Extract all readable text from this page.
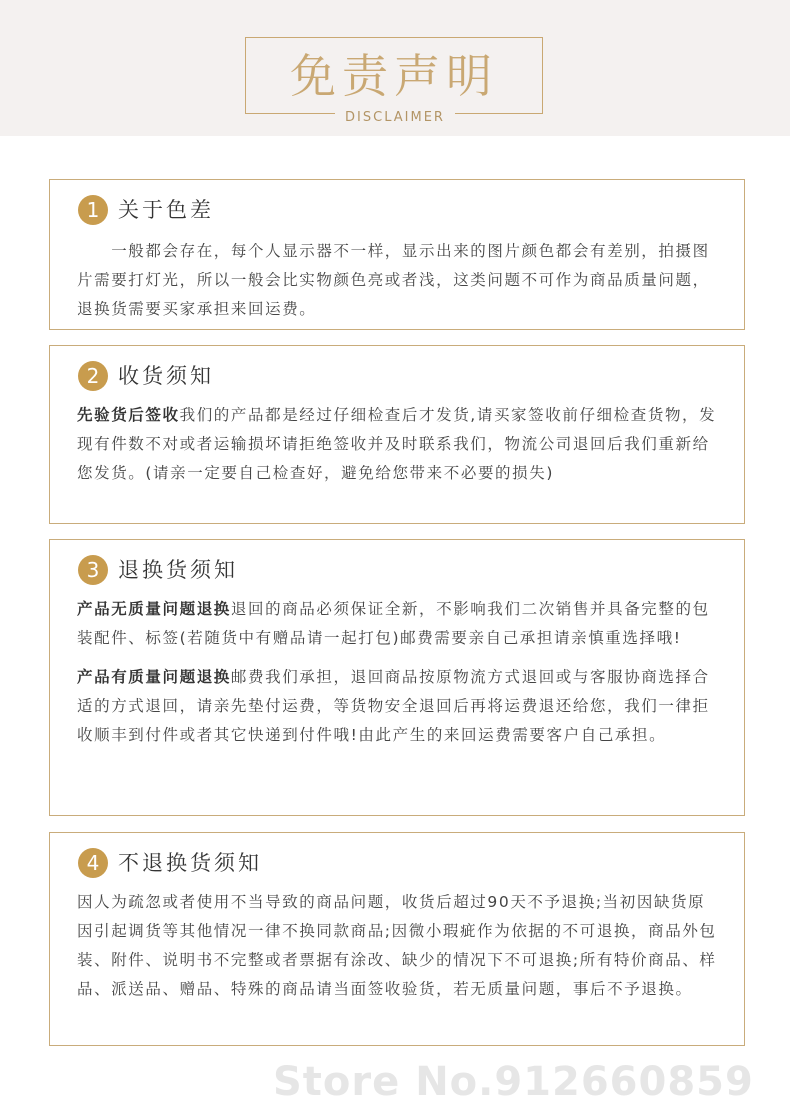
免责声明
DISCLAIMER
1 关于色差

　　一般都会存在，每个人显示器不一样，显示出来的图片颜色都会有差别，拍摄图片需要打灯光，所以一般会比实物颜色亮或者浅，这类问题不可作为商品质量问题，退换货需要买家承担来回运费。

2 收货须知

先验货后签收我们的产品都是经过仔细检查后才发货,请买家签收前仔细检查货物，发现有件数不对或者运输损坏请拒绝签收并及时联系我们，物流公司退回后我们重新给您发货。(请亲一定要自己检查好，避免给您带来不必要的损失)

3 退换货须知

产品无质量问题退换退回的商品必须保证全新，不影响我们二次销售并具备完整的包装配件、标签(若随货中有赠品请一起打包)邮费需要亲自己承担请亲慎重选择哦!

产品有质量问题退换邮费我们承担，退回商品按原物流方式退回或与客服协商选择合适的方式退回，请亲先垫付运费，等货物安全退回后再将运费退还给您，我们一律拒收顺丰到付件或者其它快递到付件哦!由此产生的来回运费需要客户自己承担。

4 不退换货须知

因人为疏忽或者使用不当导致的商品问题，收货后超过90天不予退换;当初因缺货原因引起调货等其他情况一律不换同款商品;因微小瑕疵作为依据的不可退换，商品外包装、附件、说明书不完整或者票据有涂改、缺少的情况下不可退换;所有特价商品、样品、派送品、赠品、特殊的商品请当面签收验货，若无质量问题，事后不予退换。

Store No.912660859
